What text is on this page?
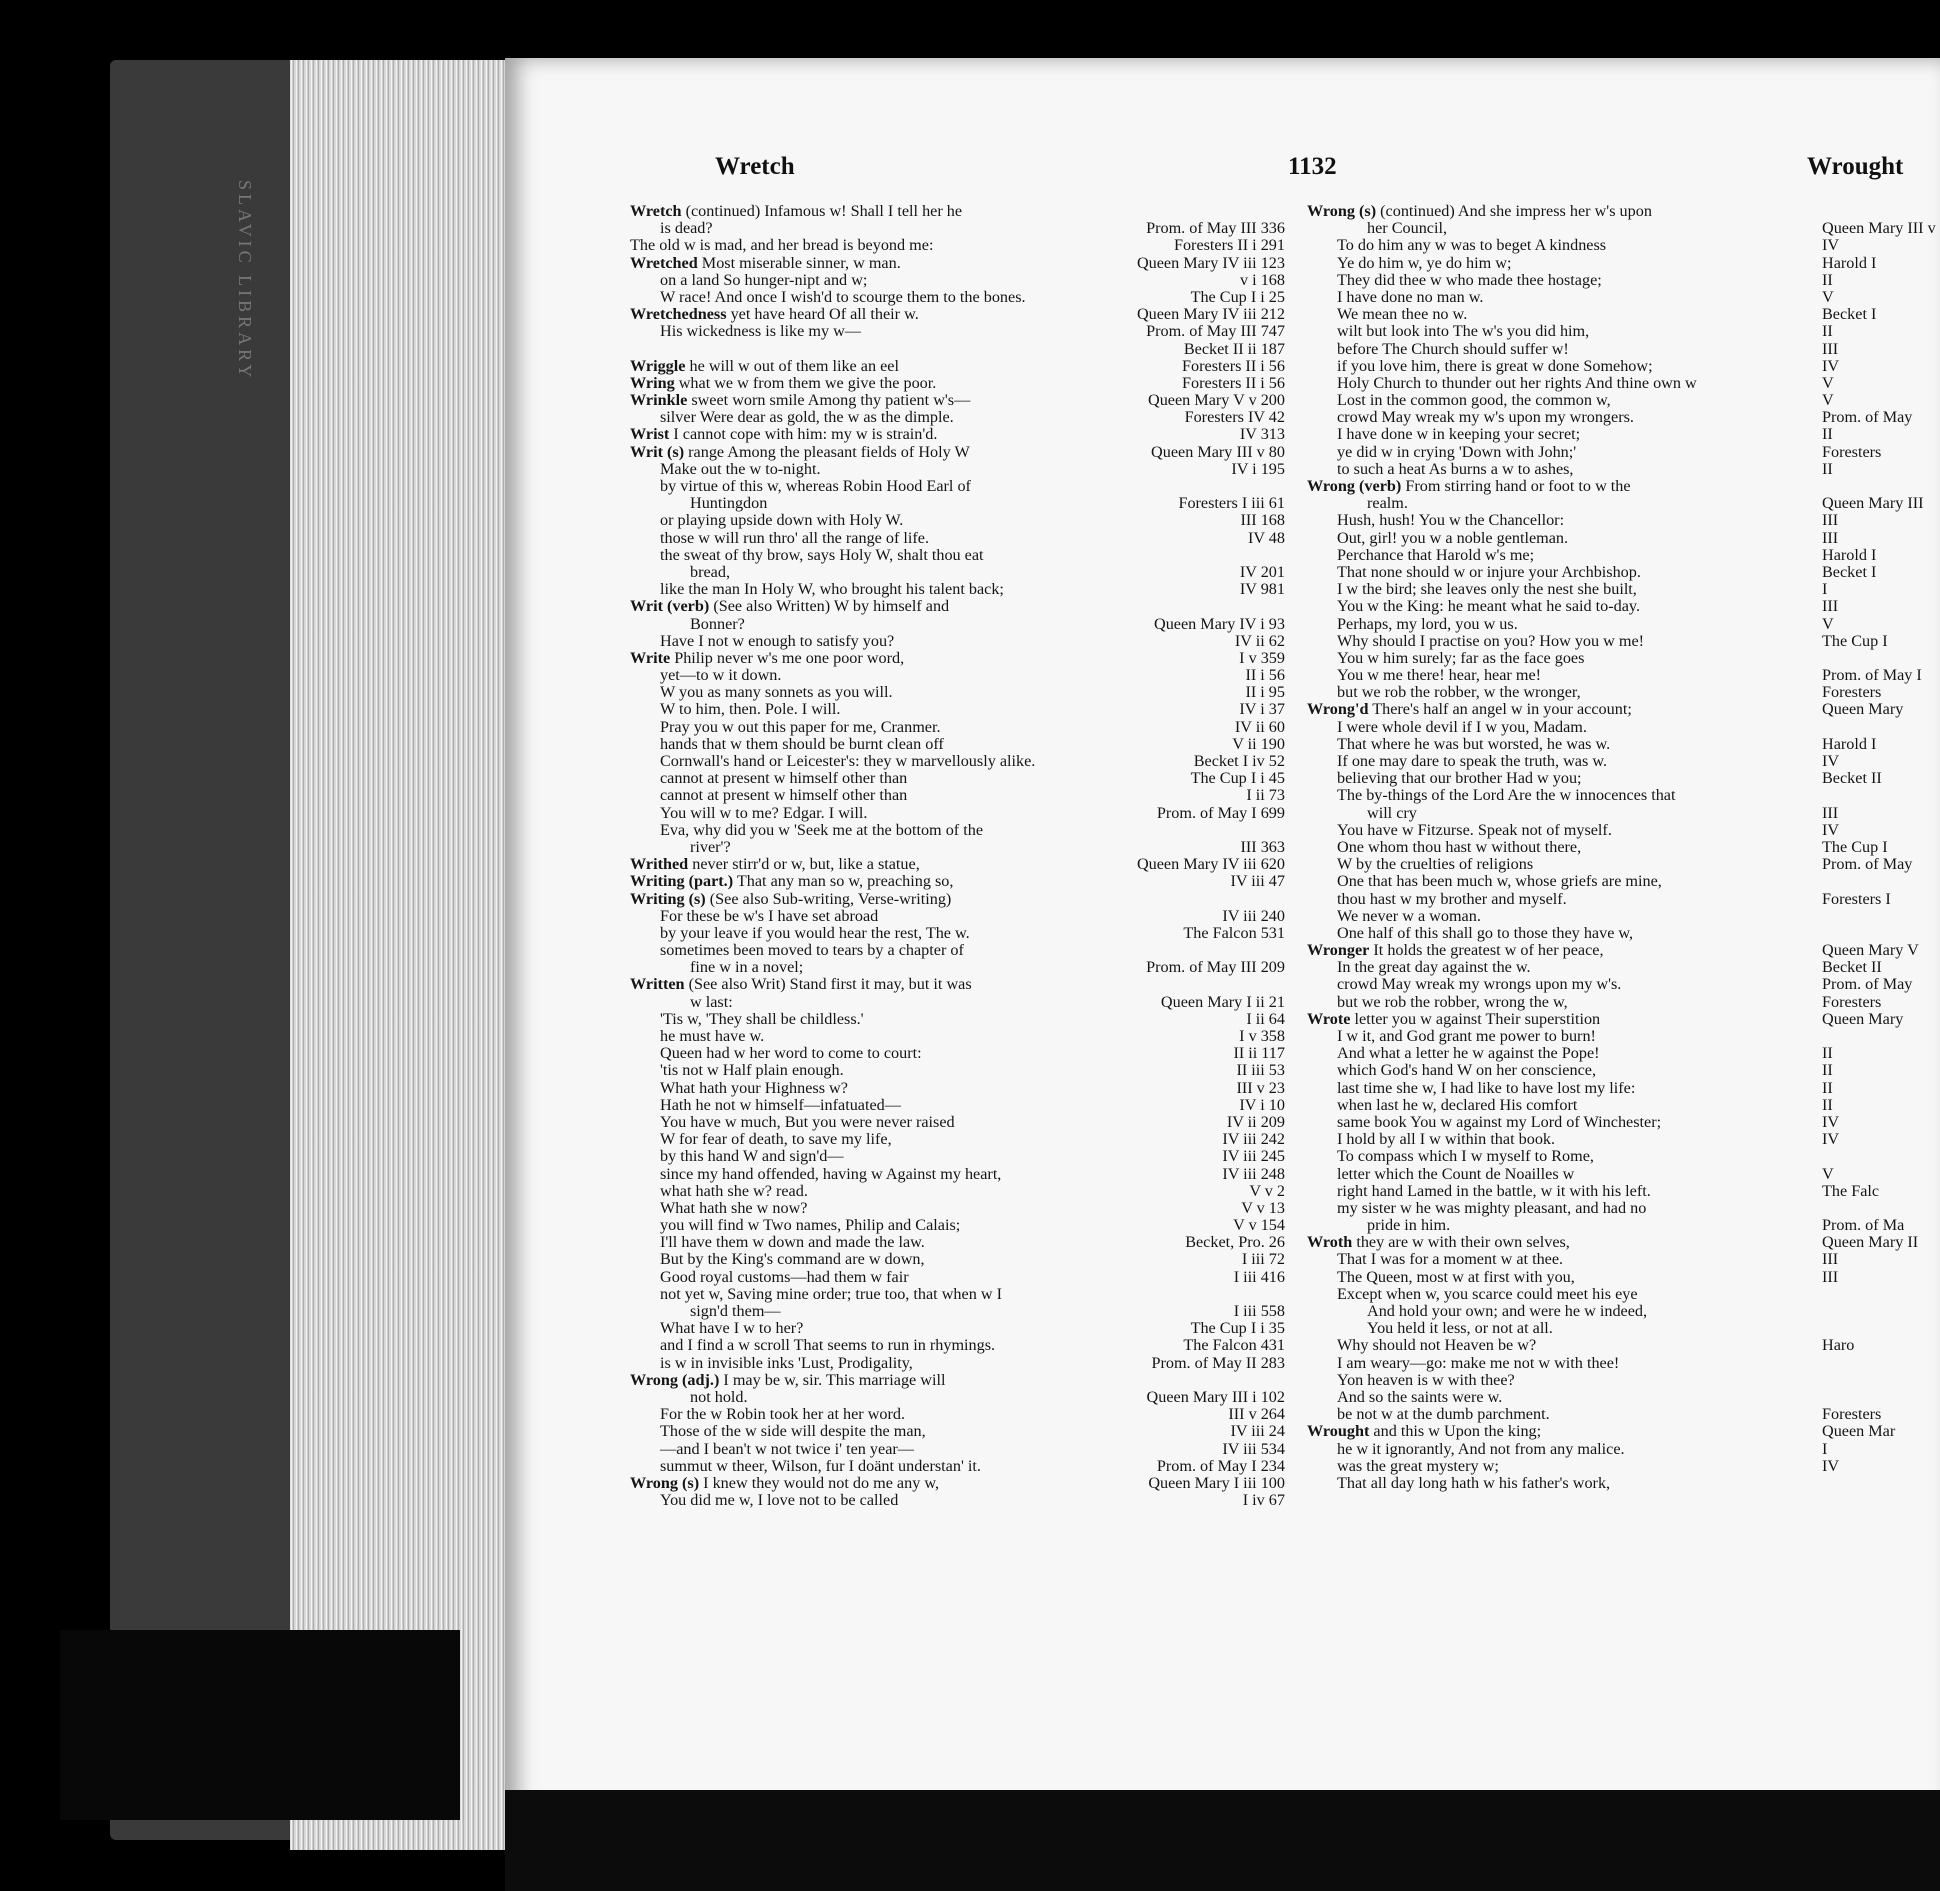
SLAVIC LIBRARY
Wretch	1132	Wrought
Wretch (continued) Infamous w! Shall I tell her he
is dead?	Prom. of May III 336
The old w is mad, and her bread is beyond me:	Foresters II i 291
Wretched Most miserable sinner, w man.	Queen Mary IV iii 123
on a land So hunger-nipt and w;	v i 168
W race! And once I wish'd to scourge them to the bones.	The Cup I i 25
Wretchedness yet have heard Of all their w.	Queen Mary IV iii 212
His wickedness is like my w—	Prom. of May III 747
Becket II ii 187
Wriggle he will w out of them like an eel	Foresters II i 56
Wring what we w from them we give the poor.	Foresters II i 56
Wrinkle sweet worn smile Among thy patient w's—	Queen Mary V v 200
silver Were dear as gold, the w as the dimple.	Foresters IV 42
Wrist I cannot cope with him: my w is strain'd.	IV 313
Writ (s) range Among the pleasant fields of Holy W	Queen Mary III v 80
Make out the w to-night.	IV i 195
by virtue of this w, whereas Robin Hood Earl of
Huntingdon	Foresters I iii 61
or playing upside down with Holy W.	III 168
those w will run thro' all the range of life.	IV 48
the sweat of thy brow, says Holy W, shalt thou eat
bread,	IV 201
like the man In Holy W, who brought his talent back;	IV 981
Writ (verb) (See also Written) W by himself and
Bonner?	Queen Mary IV i 93
Have I not w enough to satisfy you?	IV ii 62
Write Philip never w's me one poor word,	I v 359
yet—to w it down.	II i 56
W you as many sonnets as you will.	II i 95
W to him, then. Pole. I will.	IV i 37
Pray you w out this paper for me, Cranmer.	IV ii 60
hands that w them should be burnt clean off	V ii 190
Cornwall's hand or Leicester's: they w marvellously alike.	Becket I iv 52
cannot at present w himself other than	The Cup I i 45
cannot at present w himself other than	I ii 73
You will w to me? Edgar. I will.	Prom. of May I 699
Eva, why did you w 'Seek me at the bottom of the
river'?	III 363
Writhed never stirr'd or w, but, like a statue,	Queen Mary IV iii 620
Writing (part.) That any man so w, preaching so,	IV iii 47
Writing (s) (See also Sub-writing, Verse-writing)
For these be w's I have set abroad	IV iii 240
by your leave if you would hear the rest, The w.	The Falcon 531
sometimes been moved to tears by a chapter of
fine w in a novel;	Prom. of May III 209
Written (See also Writ) Stand first it may, but it was
w last:	Queen Mary I ii 21
'Tis w, 'They shall be childless.'	I ii 64
he must have w.	I v 358
Queen had w her word to come to court:	II ii 117
'tis not w Half plain enough.	II iii 53
What hath your Highness w?	III v 23
Hath he not w himself—infatuated—	IV i 10
You have w much, But you were never raised	IV ii 209
W for fear of death, to save my life,	IV iii 242
by this hand W and sign'd—	IV iii 245
since my hand offended, having w Against my heart,	IV iii 248
what hath she w? read.	V v 2
What hath she w now?	V v 13
you will find w Two names, Philip and Calais;	V v 154
I'll have them w down and made the law.	Becket, Pro. 26
But by the King's command are w down,	I iii 72
Good royal customs—had them w fair	I iii 416
not yet w, Saving mine order; true too, that when w I
sign'd them—	I iii 558
What have I w to her?	The Cup I i 35
and I find a w scroll That seems to run in rhymings.	The Falcon 431
is w in invisible inks 'Lust, Prodigality,	Prom. of May II 283
Wrong (adj.) I may be w, sir. This marriage will
not hold.	Queen Mary III i 102
For the w Robin took her at her word.	III v 264
Those of the w side will despite the man,	IV iii 24
—and I bean't w not twice i' ten year—	IV iii 534
summut w theer, Wilson, fur I doänt understan' it.	Prom. of May I 234
Wrong (s) I knew they would not do me any w,	Queen Mary I iii 100
You did me w, I love not to be called	I iv 67
Wrong (s) (continued) And she impress her w's upon
her Council,	Queen Mary III v
To do him any w was to beget A kindness	IV
Ye do him w, ye do him w;	Harold I
They did thee w who made thee hostage;	II
I have done no man w.	V
We mean thee no w.	Becket I
wilt but look into The w's you did him,	II
before The Church should suffer w!	III
if you love him, there is great w done Somehow;	IV
Holy Church to thunder out her rights And thine own w	V
Lost in the common good, the common w,	V
crowd May wreak my w's upon my wrongers.	Prom. of May
I have done w in keeping your secret;	II
ye did w in crying 'Down with John;'	Foresters
to such a heat As burns a w to ashes,	II
Wrong (verb) From stirring hand or foot to w the
realm.	Queen Mary III
Hush, hush! You w the Chancellor:	III
Out, girl! you w a noble gentleman.	III
Perchance that Harold w's me;	Harold I
That none should w or injure your Archbishop.	Becket I
I w the bird; she leaves only the nest she built,	I
You w the King: he meant what he said to-day.	III
Perhaps, my lord, you w us.	V
Why should I practise on you? How you w me!	The Cup I
You w him surely; far as the face goes
You w me there! hear, hear me!	Prom. of May I
but we rob the robber, w the wronger,	Foresters
Wrong'd There's half an angel w in your account;	Queen Mary
I were whole devil if I w you, Madam.
That where he was but worsted, he was w.	Harold I
If one may dare to speak the truth, was w.	IV
believing that our brother Had w you;	Becket II
The by-things of the Lord Are the w innocences that
will cry	III
You have w Fitzurse. Speak not of myself.	IV
One whom thou hast w without there,	The Cup I
W by the cruelties of religions	Prom. of May
One that has been much w, whose griefs are mine,
thou hast w my brother and myself.	Foresters I
We never w a woman.
One half of this shall go to those they have w,
Wronger It holds the greatest w of her peace,	Queen Mary V
In the great day against the w.	Becket II
crowd May wreak my wrongs upon my w's.	Prom. of May
but we rob the robber, wrong the w,	Foresters
Wrote letter you w against Their superstition	Queen Mary
I w it, and God grant me power to burn!
And what a letter he w against the Pope!	II
which God's hand W on her conscience,	II
last time she w, I had like to have lost my life:	II
when last he w, declared His comfort	II
same book You w against my Lord of Winchester;	IV
I hold by all I w within that book.	IV
To compass which I w myself to Rome,
letter which the Count de Noailles w	V
right hand Lamed in the battle, w it with his left.	The Falc
my sister w he was mighty pleasant, and had no
pride in him.	Prom. of Ma
Wroth they are w with their own selves,	Queen Mary II
That I was for a moment w at thee.	III
The Queen, most w at first with you,	III
Except when w, you scarce could meet his eye
And hold your own; and were he w indeed,
You held it less, or not at all.
Why should not Heaven be w?	Haro
I am weary—go: make me not w with thee!
Yon heaven is w with thee?
And so the saints were w.
be not w at the dumb parchment.	Foresters
Wrought and this w Upon the king;	Queen Mar
he w it ignorantly, And not from any malice.	I
was the great mystery w;	IV
That all day long hath w his father's work,
